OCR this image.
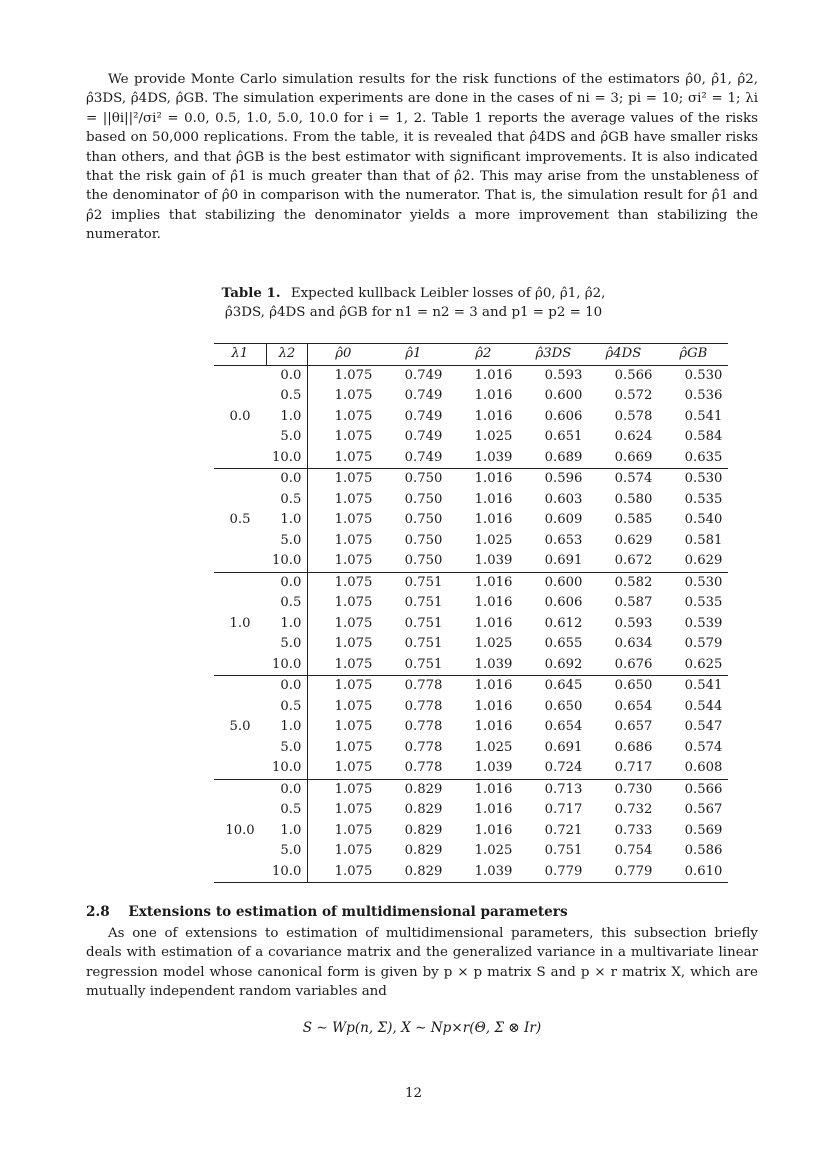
We provide Monte Carlo simulation results for the risk functions of the estimators ρ̂0, ρ̂1, ρ̂2, ρ̂3DS, ρ̂4DS, ρ̂GB. The simulation experiments are done in the cases of ni = 3; pi = 10; σi² = 1; λi = ||θi||²/σi² = 0.0, 0.5, 1.0, 5.0, 10.0 for i = 1, 2. Table 1 reports the average values of the risks based on 50,000 replications. From the table, it is revealed that ρ̂4DS and ρ̂GB have smaller risks than others, and that ρ̂GB is the best estimator with significant improvements. It is also indicated that the risk gain of ρ̂1 is much greater than that of ρ̂2. This may arise from the unstableness of the denominator of ρ̂0 in comparison with the numerator. That is, the simulation result for ρ̂1 and ρ̂2 implies that stabilizing the denominator yields a more improvement than stabilizing the numerator.

Table 1. Expected kullback Leibler losses of ρ̂0, ρ̂1, ρ̂2, ρ̂3DS, ρ̂4DS and ρ̂GB for n1 = n2 = 3 and p1 = p2 = 10
λ1	λ2	ρ̂0	ρ̂1	ρ̂2	ρ̂3DS	ρ̂4DS	ρ̂GB
	0.0	1.075	0.749	1.016	0.593	0.566	0.530
	0.5	1.075	0.749	1.016	0.600	0.572	0.536
0.0	1.0	1.075	0.749	1.016	0.606	0.578	0.541
	5.0	1.075	0.749	1.025	0.651	0.624	0.584
	10.0	1.075	0.749	1.039	0.689	0.669	0.635
	0.0	1.075	0.750	1.016	0.596	0.574	0.530
	0.5	1.075	0.750	1.016	0.603	0.580	0.535
0.5	1.0	1.075	0.750	1.016	0.609	0.585	0.540
	5.0	1.075	0.750	1.025	0.653	0.629	0.581
	10.0	1.075	0.750	1.039	0.691	0.672	0.629
	0.0	1.075	0.751	1.016	0.600	0.582	0.530
	0.5	1.075	0.751	1.016	0.606	0.587	0.535
1.0	1.0	1.075	0.751	1.016	0.612	0.593	0.539
	5.0	1.075	0.751	1.025	0.655	0.634	0.579
	10.0	1.075	0.751	1.039	0.692	0.676	0.625
	0.0	1.075	0.778	1.016	0.645	0.650	0.541
	0.5	1.075	0.778	1.016	0.650	0.654	0.544
5.0	1.0	1.075	0.778	1.016	0.654	0.657	0.547
	5.0	1.075	0.778	1.025	0.691	0.686	0.574
	10.0	1.075	0.778	1.039	0.724	0.717	0.608
	0.0	1.075	0.829	1.016	0.713	0.730	0.566
	0.5	1.075	0.829	1.016	0.717	0.732	0.567
10.0	1.0	1.075	0.829	1.016	0.721	0.733	0.569
	5.0	1.075	0.829	1.025	0.751	0.754	0.586
	10.0	1.075	0.829	1.039	0.779	0.779	0.610
2.8 Extensions to estimation of multidimensional parameters

As one of extensions to estimation of multidimensional parameters, this subsection briefly deals with estimation of a covariance matrix and the generalized variance in a multivariate linear regression model whose canonical form is given by p × p matrix S and p × r matrix X, which are mutually independent random variables and

S ∼ Wp(n, Σ), X ∼ Np×r(Θ, Σ ⊗ Ir)
12
